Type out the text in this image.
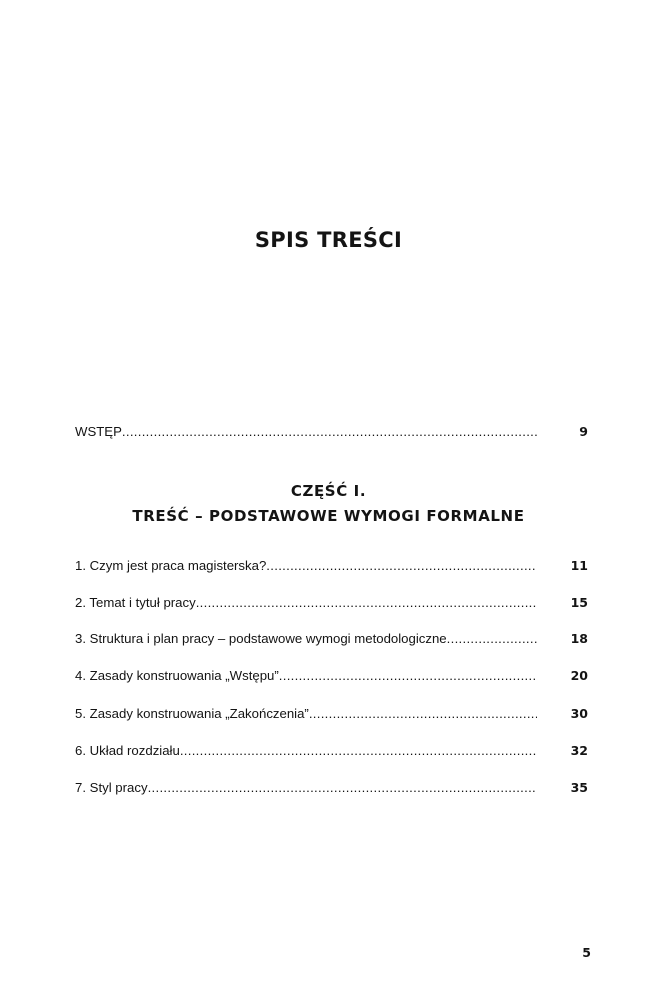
SPIS TREŚCI
WSTĘP .....	9
CZĘŚĆ I.
TREŚĆ – PODSTAWOWE WYMOGI FORMALNE
1. Czym jest praca magisterska? .....	11
2. Temat i tytuł pracy .....	15
3. Struktura i plan pracy – podstawowe wymogi metodologiczne .....	18
4. Zasady konstruowania „Wstępu” .....	20
5. Zasady konstruowania „Zakończenia” .....	30
6. Układ rozdziału .....	32
7. Styl pracy .....	35
5
